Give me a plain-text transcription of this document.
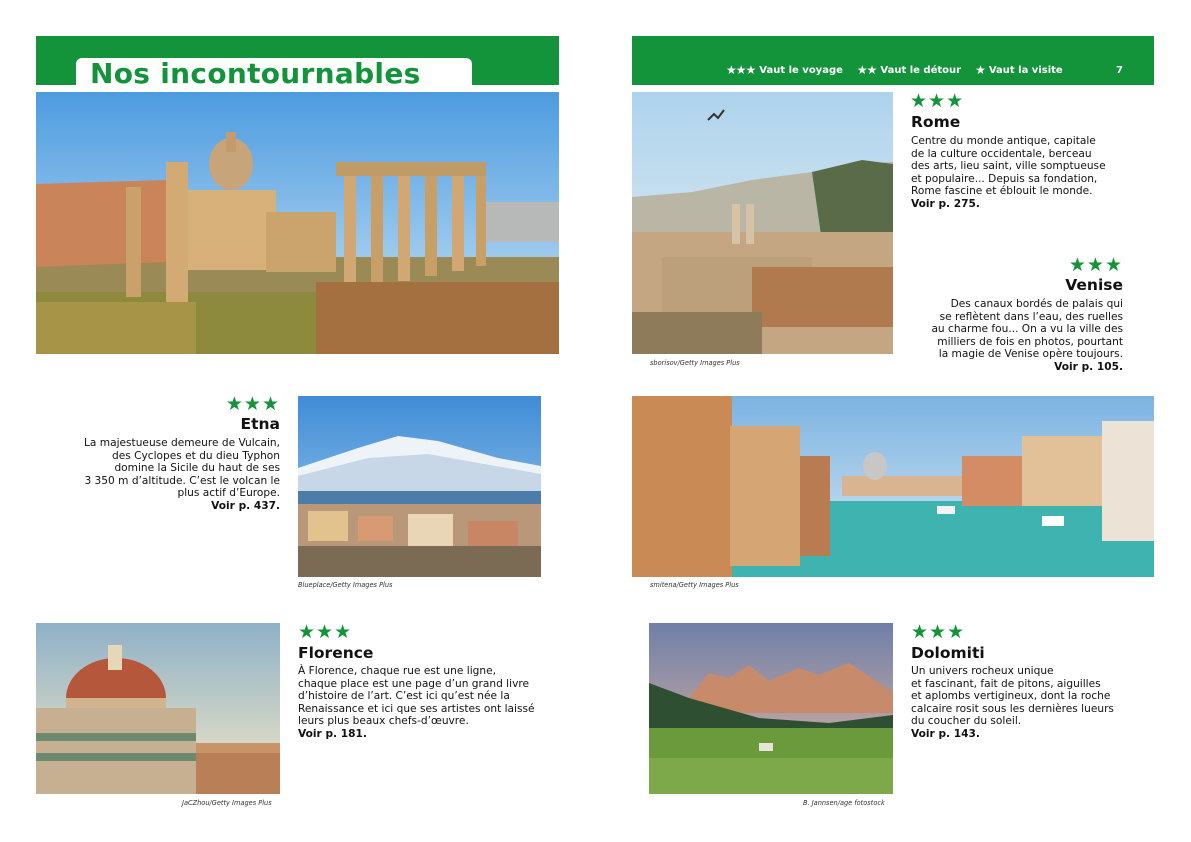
Nos incontournables	★★★ Vaut le voyage ★★ Vaut le détour ★ Vaut la visite	7
sborisov/Getty Images Plus
★★★
Rome
Centre du monde antique, capitale
de la culture occidentale, berceau
des arts, lieu saint, ville somptueuse
et populaire... Depuis sa fondation,
Rome fascine et éblouit le monde.
Voir p. 275.
★★★
Venise
Des canaux bordés de palais qui
se reflètent dans l’eau, des ruelles
au charme fou... On a vu la ville des
milliers de fois en photos, pourtant
la magie de Venise opère toujours.
Voir p. 105.
★★★
Etna
La majestueuse demeure de Vulcain,
des Cyclopes et du dieu Typhon
domine la Sicile du haut de ses
3 350 m d’altitude. C’est le volcan le
plus actif d’Europe.
Voir p. 437.
Blueplace/Getty Images Plus	smitena/Getty Images Plus
JaCZhou/Getty Images Plus
★★★
Florence
À Florence, chaque rue est une ligne,
chaque place est une page d’un grand livre
d’histoire de l’art. C’est ici qu’est née la
Renaissance et ici que ses artistes ont laissé
leurs plus beaux chefs-d’œuvre.
Voir p. 181.
B. Jannsen/age fotostock
★★★
Dolomiti
Un univers rocheux unique
et fascinant, fait de pitons, aiguilles
et aplombs vertigineux, dont la roche
calcaire rosit sous les dernières lueurs
du coucher du soleil.
Voir p. 143.
